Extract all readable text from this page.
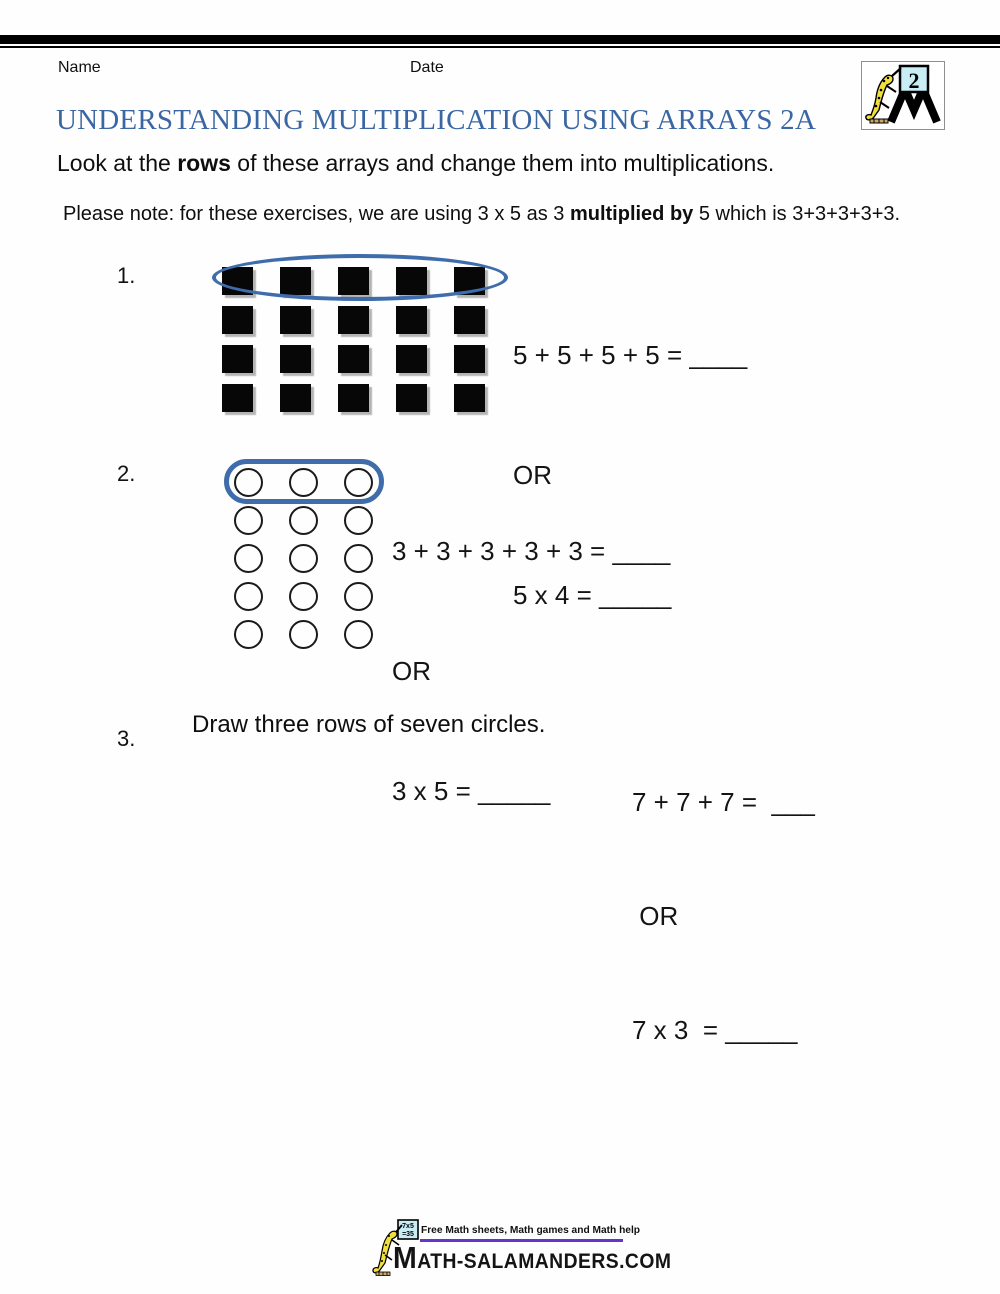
Name	Date
2
UNDERSTANDING MULTIPLICATION USING ARRAYS 2A

Look at the rows of these arrays and change them into multiplications.

Please note: for these exercises, we are using 3 x 5 as 3 multiplied by 5 which is 3+3+3+3+3.

1.

5 + 5 + 5 + 5 = ____

OR

5 x 4 = _____

2.

3 + 3 + 3 + 3 + 3 = ____

OR

3 x 5 = _____

3.
Draw three rows of seven circles.

7 + 7 + 7 =  ___

OR

7 x 3  = _____

7x5
=35 Free Math sheets, Math games and Math help
MATH-SALAMANDERS.COM
